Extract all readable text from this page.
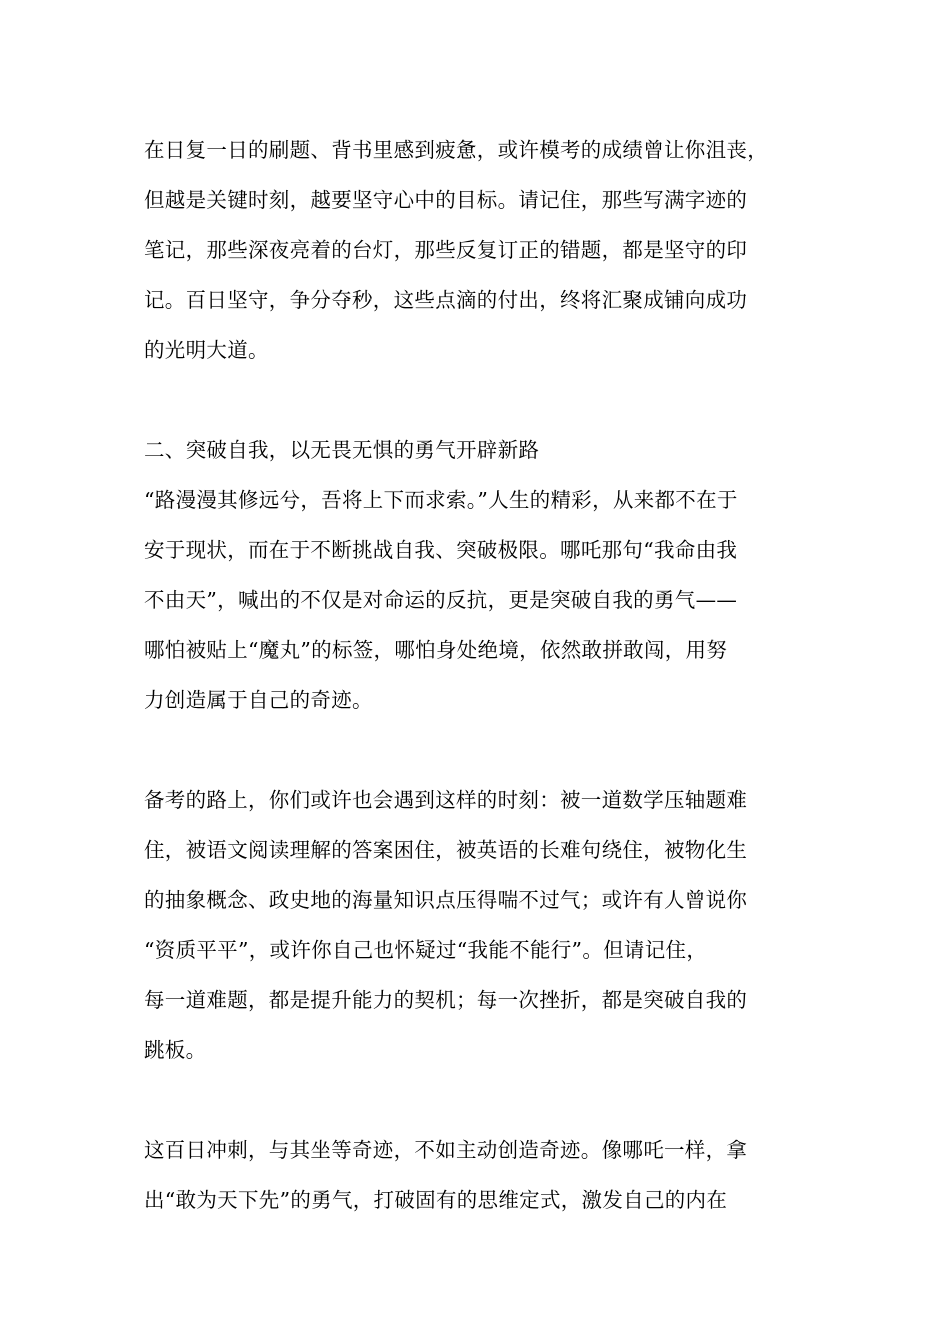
在日复一日的刷题、背书里感到疲惫，或许模考的成绩曾让你沮丧，
但越是关键时刻，越要坚守心中的目标。请记住，那些写满字迹的
笔记，那些深夜亮着的台灯，那些反复订正的错题，都是坚守的印
记。百日坚守，争分夺秒，这些点滴的付出，终将汇聚成铺向成功
的光明大道。
二、突破自我，以无畏无惧的勇气开辟新路
“路漫漫其修远兮，吾将上下而求索。”人生的精彩，从来都不在于
安于现状，而在于不断挑战自我、突破极限。哪吒那句“我命由我
不由天”，喊出的不仅是对命运的反抗，更是突破自我的勇气——
哪怕被贴上“魔丸”的标签，哪怕身处绝境，依然敢拼敢闯，用努
力创造属于自己的奇迹。
备考的路上，你们或许也会遇到这样的时刻：被一道数学压轴题难
住，被语文阅读理解的答案困住，被英语的长难句绕住，被物化生
的抽象概念、政史地的海量知识点压得喘不过气；或许有人曾说你
“资质平平”，或许你自己也怀疑过“我能不能行”。但请记住，
每一道难题，都是提升能力的契机；每一次挫折，都是突破自我的
跳板。
这百日冲刺，与其坐等奇迹，不如主动创造奇迹。像哪吒一样，拿
出“敢为天下先”的勇气，打破固有的思维定式，激发自己的内在
